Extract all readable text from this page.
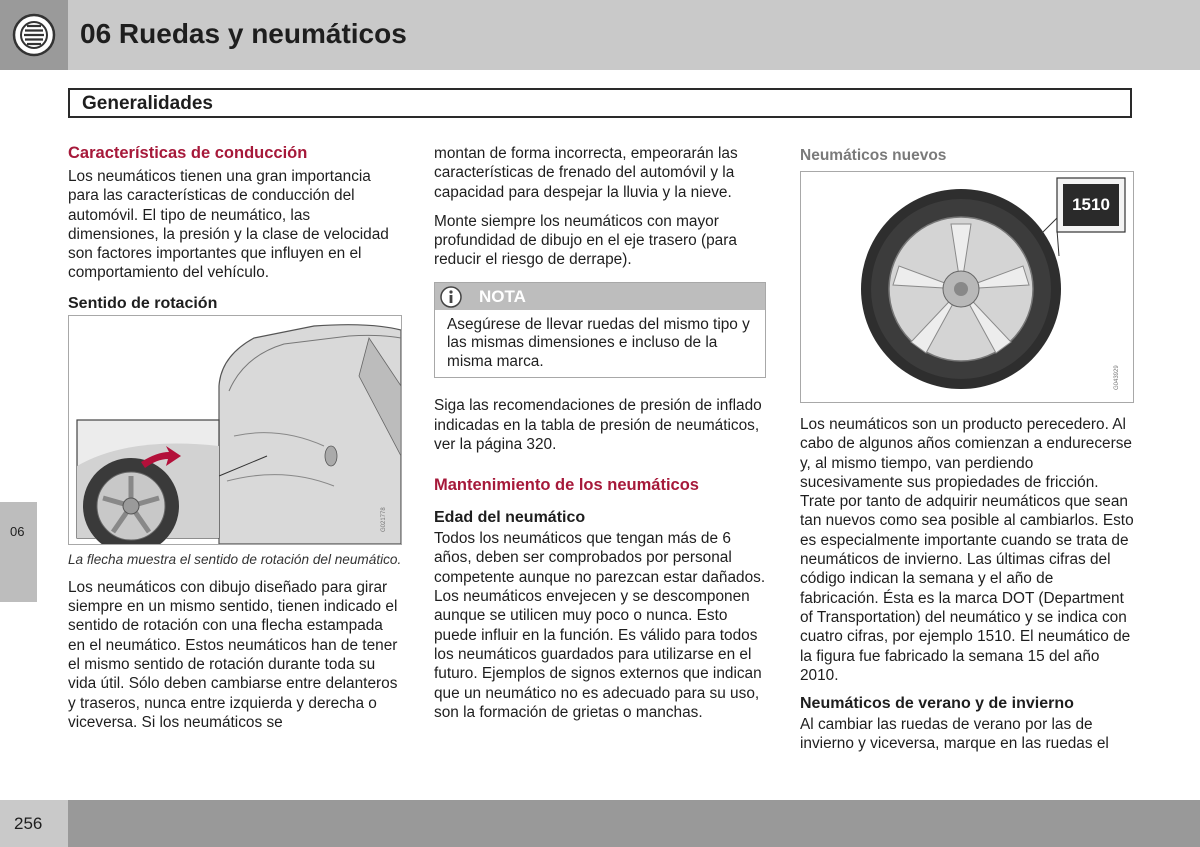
06 Ruedas y neumáticos
Generalidades
06
Características de conducción

Los neumáticos tienen una gran importancia para las características de conducción del automóvil. El tipo de neumático, las dimensiones, la presión y la clase de velocidad son factores importantes que influyen en el comportamiento del vehículo.

Sentido de rotación
G021778
La flecha muestra el sentido de rotación del neumático.

Los neumáticos con dibujo diseñado para girar siempre en un mismo sentido, tienen indicado el sentido de rotación con una flecha estampada en el neumático. Estos neumáticos han de tener el mismo sentido de rotación durante toda su vida útil. Sólo deben cambiarse entre delanteros y traseros, nunca entre izquierda y derecha o viceversa. Si los neumáticos se

montan de forma incorrecta, empeorarán las características de frenado del automóvil y la capacidad para despejar la lluvia y la nieve.

Monte siempre los neumáticos con mayor profundidad de dibujo en el eje trasero (para reducir el riesgo de derrape).

NOTA
Asegúrese de llevar ruedas del mismo tipo y las mismas dimensiones e incluso de la misma marca.

Siga las recomendaciones de presión de inflado indicadas en la tabla de presión de neumáticos, ver la página 320.

Mantenimiento de los neumáticos
Edad del neumático

Todos los neumáticos que tengan más de 6 años, deben ser comprobados por personal competente aunque no parezcan estar dañados. Los neumáticos envejecen y se descomponen aunque se utilicen muy poco o nunca. Esto puede influir en la función. Es válido para todos los neumáticos guardados para utilizarse en el futuro. Ejemplos de signos externos que indican que un neumático no es adecuado para su uso, son la formación de grietas o manchas.

Neumáticos nuevos
1510
G043929

Los neumáticos son un producto perecedero. Al cabo de algunos años comienzan a endurecerse y, al mismo tiempo, van perdiendo sucesivamente sus propiedades de fricción. Trate por tanto de adquirir neumáticos que sean tan nuevos como sea posible al cambiarlos. Esto es especialmente importante cuando se trata de neumáticos de invierno. Las últimas cifras del código indican la semana y el año de fabricación. Ésta es la marca DOT (Department of Transportation) del neumático y se indica con cuatro cifras, por ejemplo 1510. El neumático de la figura fue fabricado la semana 15 del año 2010.

Neumáticos de verano y de invierno

Al cambiar las ruedas de verano por las de invierno y viceversa, marque en las ruedas el

256
